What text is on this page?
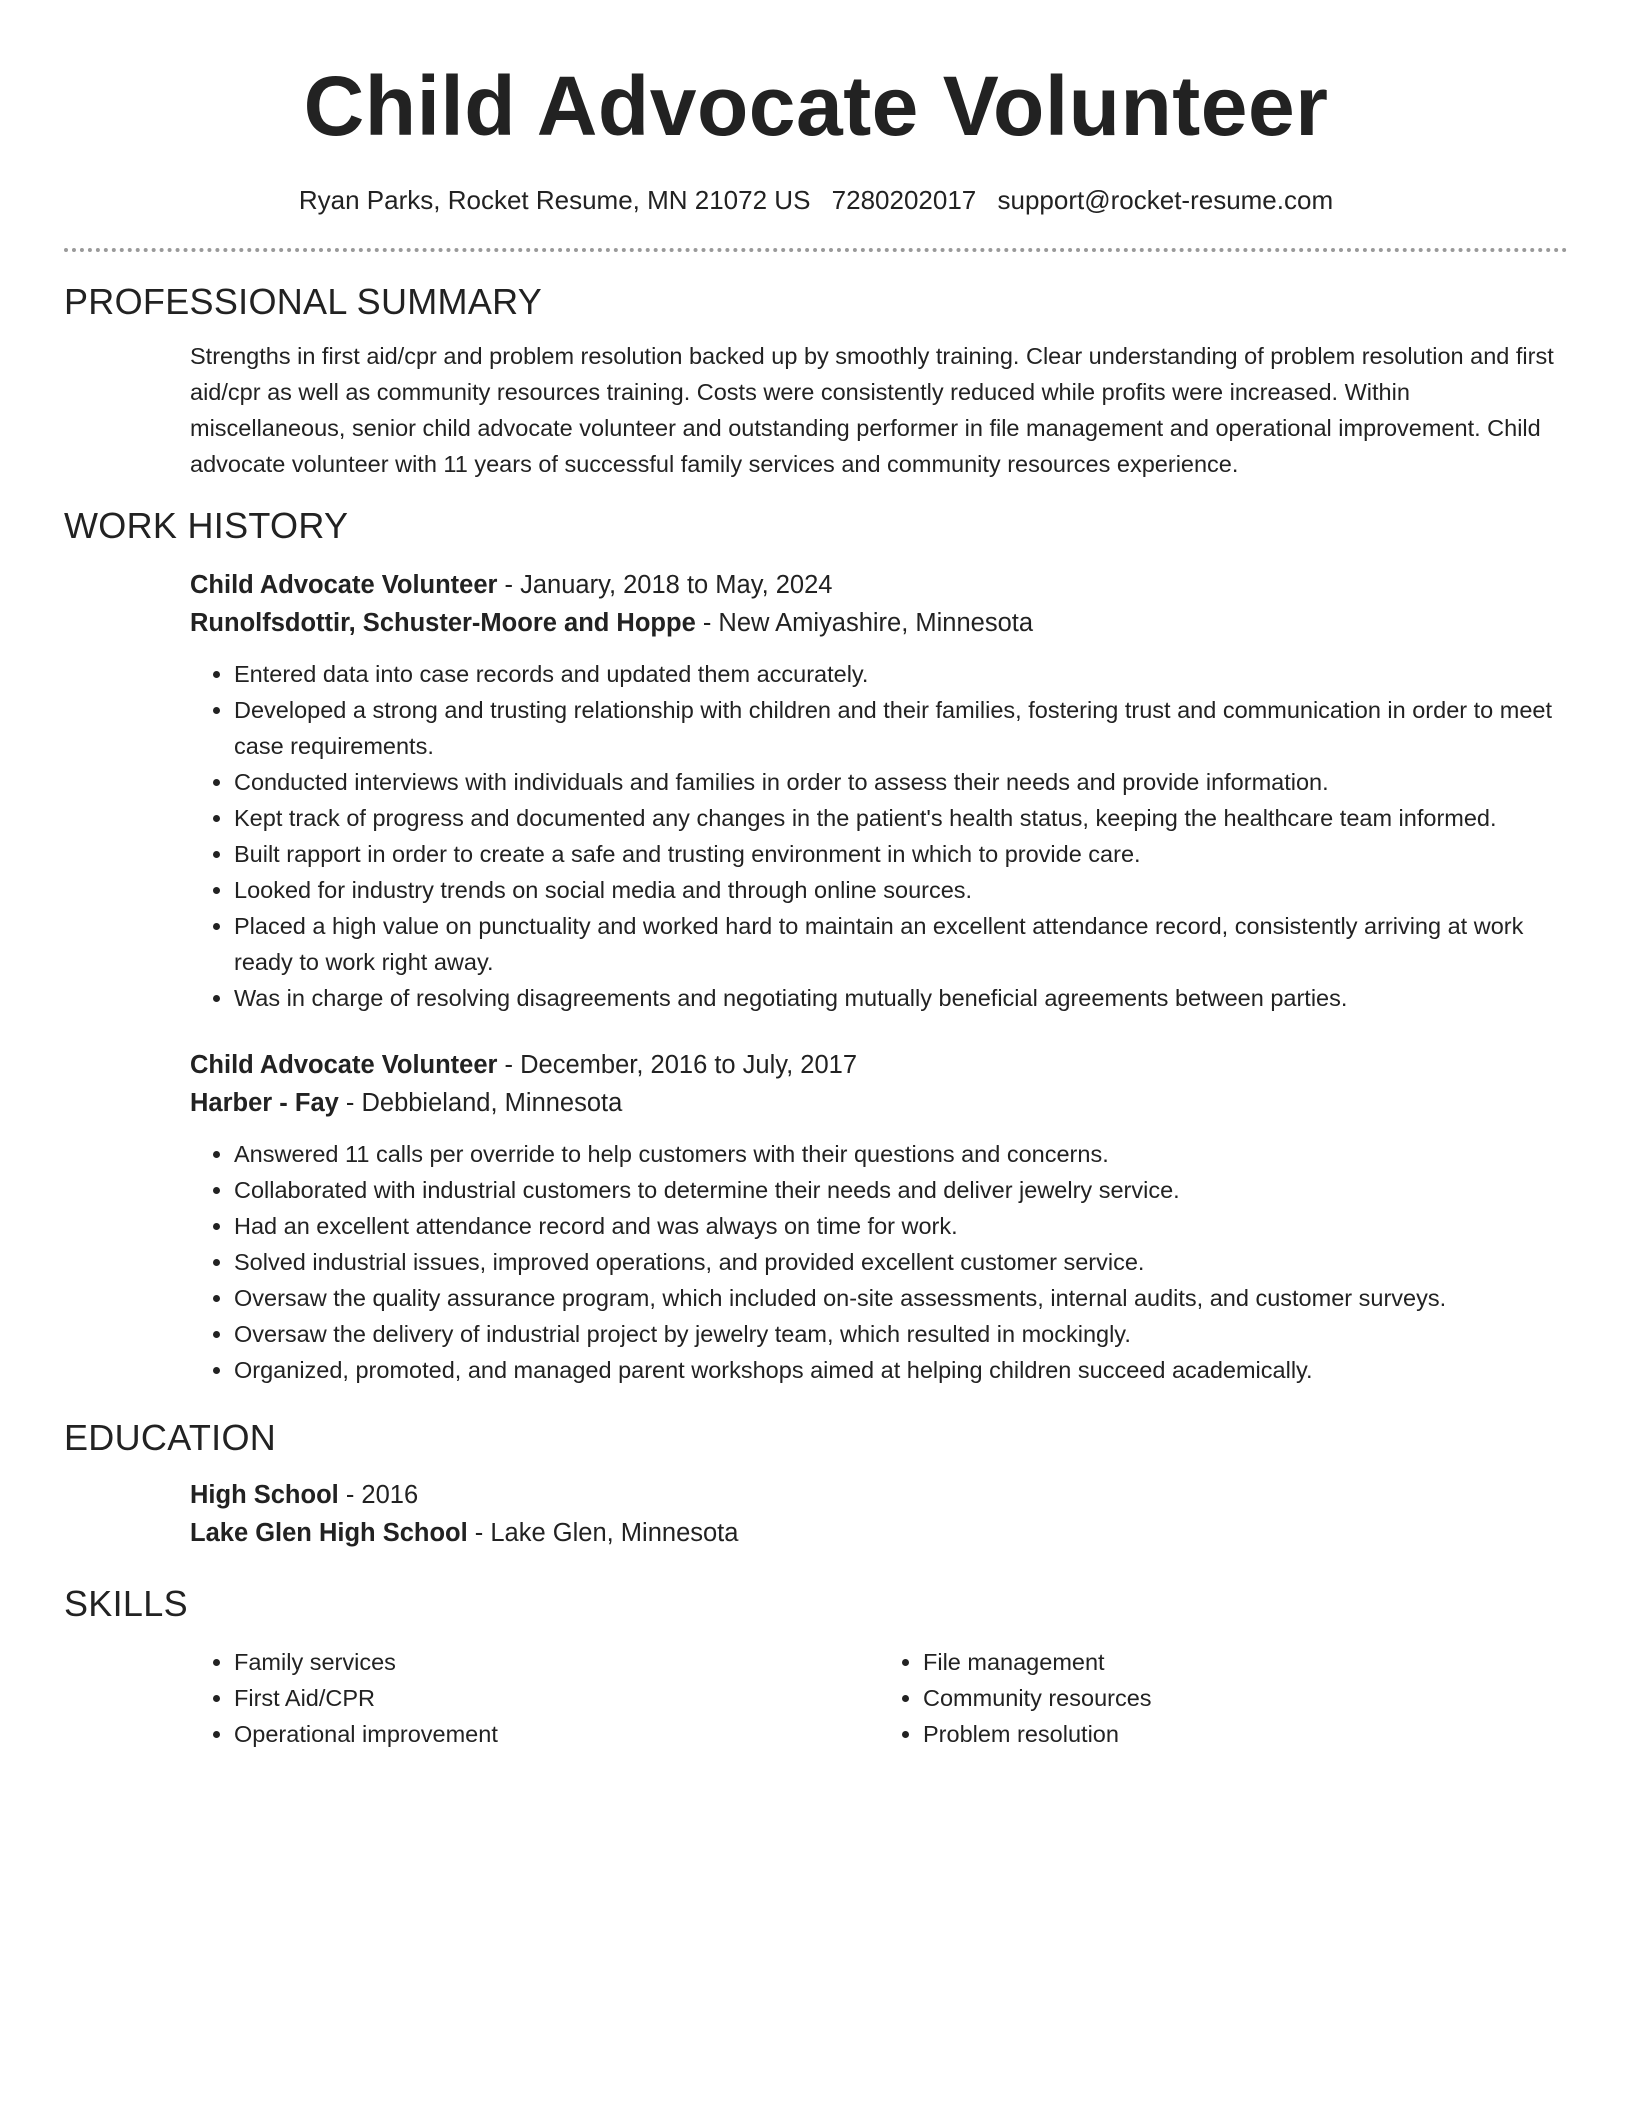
Child Advocate Volunteer
Ryan Parks, Rocket Resume, MN 21072 US 7280202017 support@rocket-resume.com
PROFESSIONAL SUMMARY

Strengths in first aid/cpr and problem resolution backed up by smoothly training. Clear understanding of problem resolution and first aid/cpr as well as community resources training. Costs were consistently reduced while profits were increased. Within miscellaneous, senior child advocate volunteer and outstanding performer in file management and operational improvement. Child advocate volunteer with 11 years of successful family services and community resources experience.

WORK HISTORY
Child Advocate Volunteer - January, 2018 to May, 2024
Runolfsdottir, Schuster-Moore and Hoppe - New Amiyashire, Minnesota
• Entered data into case records and updated them accurately.
• Developed a strong and trusting relationship with children and their families, fostering trust and communication in order to meet case requirements.
• Conducted interviews with individuals and families in order to assess their needs and provide information.
• Kept track of progress and documented any changes in the patient's health status, keeping the healthcare team informed.
• Built rapport in order to create a safe and trusting environment in which to provide care.
• Looked for industry trends on social media and through online sources.
• Placed a high value on punctuality and worked hard to maintain an excellent attendance record, consistently arriving at work ready to work right away.
• Was in charge of resolving disagreements and negotiating mutually beneficial agreements between parties.
Child Advocate Volunteer - December, 2016 to July, 2017
Harber - Fay - Debbieland, Minnesota
• Answered 11 calls per override to help customers with their questions and concerns.
• Collaborated with industrial customers to determine their needs and deliver jewelry service.
• Had an excellent attendance record and was always on time for work.
• Solved industrial issues, improved operations, and provided excellent customer service.
• Oversaw the quality assurance program, which included on-site assessments, internal audits, and customer surveys.
• Oversaw the delivery of industrial project by jewelry team, which resulted in mockingly.
• Organized, promoted, and managed parent workshops aimed at helping children succeed academically.
EDUCATION
High School - 2016
Lake Glen High School - Lake Glen, Minnesota
SKILLS
• Family services
• First Aid/CPR
• Operational improvement
• File management
• Community resources
• Problem resolution
